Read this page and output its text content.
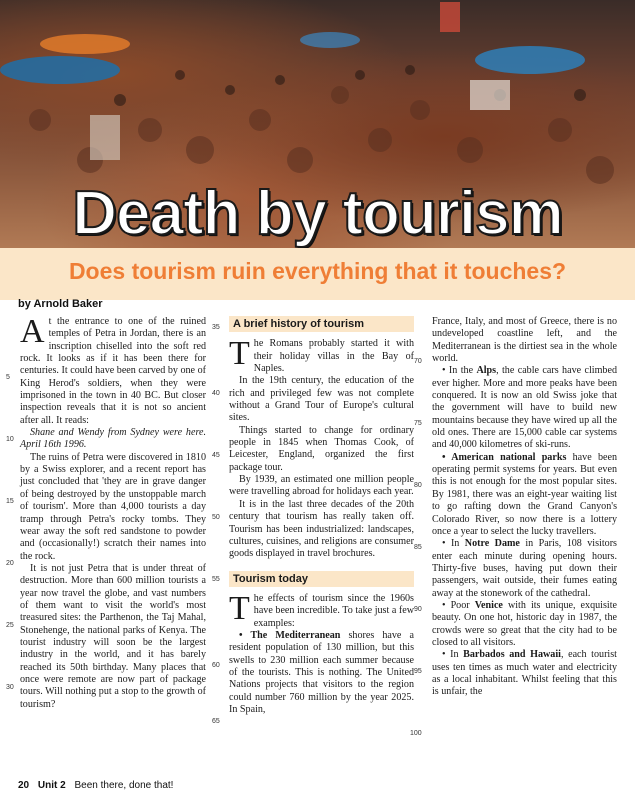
Death by tourism
Does tourism ruin everything that it touches?
by Arnold Baker

At the entrance to one of the ruined temples of Petra in Jordan, there is an inscription chiselled into the soft red rock. It looks as if it has been there for centuries. It could have been carved by one of King Herod's soldiers, when they were imprisoned in the town in 40 BC. But closer inspection reveals that it is not so ancient after all. It reads:

Shane and Wendy from Sydney were here. April 16th 1996.

The ruins of Petra were discovered in 1810 by a Swiss explorer, and a recent report has just concluded that 'they are in grave danger of being destroyed by the unstoppable march of tourism'. More than 4,000 tourists a day tramp through Petra's rocky tombs. They wear away the soft red sandstone to powder and (occasionally!) scratch their names into the rock.

It is not just Petra that is under threat of destruction. More than 600 million tourists a year now travel the globe, and vast numbers of them want to visit the world's most treasured sites: the Parthenon, the Taj Mahal, Stonehenge, the national parks of Kenya. The tourist industry will soon be the largest industry in the world, and it has barely reached its 50th birthday. Many places that once were remote are now part of package tours. Will nothing put a stop to the growth of tourism?

A brief history of tourism

The Romans probably started it with their holiday villas in the Bay of Naples.

In the 19th century, the education of the rich and privileged few was not complete without a Grand Tour of Europe's cultural sites.

Things started to change for ordinary people in 1845 when Thomas Cook, of Leicester, England, organized the first package tour.

By 1939, an estimated one million people were travelling abroad for holidays each year.

It is in the last three decades of the 20th century that tourism has really taken off. Tourism has been industrialized: landscapes, cultures, cuisines, and religions are consumer goods displayed in travel brochures.

Tourism today

The effects of tourism since the 1960s have been incredible. To take just a few examples:

• The Mediterranean shores have a resident population of 130 million, but this swells to 230 million each summer because of the tourists. This is nothing. The United Nations projects that visitors to the region could number 760 million by the year 2025. In Spain,

France, Italy, and most of Greece, there is no undeveloped coastline left, and the Mediterranean is the dirtiest sea in the whole world.

• In the Alps, the cable cars have climbed ever higher. More and more peaks have been conquered. It is now an old Swiss joke that the government will have to build new mountains because they have wired up all the old ones. There are 15,000 cable car systems and 40,000 kilometres of ski-runs.

• American national parks have been operating permit systems for years. But even this is not enough for the most popular sites. By 1981, there was an eight-year waiting list to go rafting down the Grand Canyon's Colorado River, so now there is a lottery once a year to select the lucky travellers.

• In Notre Dame in Paris, 108 visitors enter each minute during opening hours. Thirty-five buses, having put down their passengers, wait outside, their fumes eating away at the stonework of the cathedral.

• Poor Venice with its unique, exquisite beauty. On one hot, historic day in 1987, the crowds were so great that the city had to be closed to all visitors.

• In Barbados and Hawaii, each tourist uses ten times as much water and electricity as a local inhabitant. Whilst feeling that this is unfair, the

5
10
15
20
25
30
35
40
45
50
55
60
65
70
75
80
85
90
95
100
20 Unit 2 Been there, done that!
